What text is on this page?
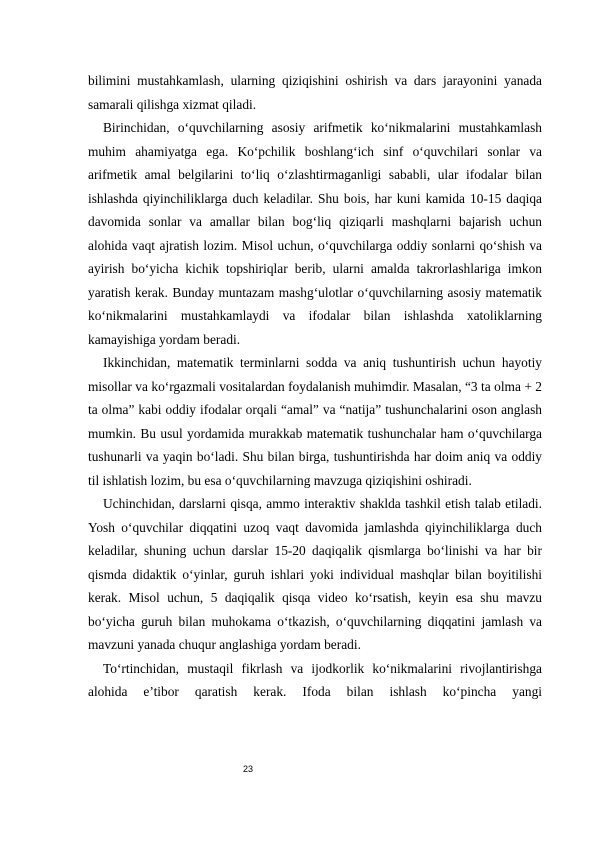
bilimini mustahkamlash, ularning qiziqishini oshirish va dars jarayonini yanada samarali qilishga xizmat qiladi.

Birinchidan, o‘quvchilarning asosiy arifmetik ko‘nikmalarini mustahkamlash muhim ahamiyatga ega. Ko‘pchilik boshlang‘ich sinf o‘quvchilari sonlar va arifmetik amal belgilarini to‘liq o‘zlashtirmaganligi sababli, ular ifodalar bilan ishlashda qiyinchiliklarga duch keladilar. Shu bois, har kuni kamida 10-15 daqiqa davomida sonlar va amallar bilan bog‘liq qiziqarli mashqlarni bajarish uchun alohida vaqt ajratish lozim. Misol uchun, o‘quvchilarga oddiy sonlarni qo‘shish va ayirish bo‘yicha kichik topshiriqlar berib, ularni amalda takrorlashlariga imkon yaratish kerak. Bunday muntazam mashg‘ulotlar o‘quvchilarning asosiy matematik ko‘nikmalarini mustahkamlaydi va ifodalar bilan ishlashda xatoliklarning kamayishiga yordam beradi.

Ikkinchidan, matematik terminlarni sodda va aniq tushuntirish uchun hayotiy misollar va ko‘rgazmali vositalardan foydalanish muhimdir. Masalan, “3 ta olma + 2 ta olma” kabi oddiy ifodalar orqali “amal” va “natija” tushunchalarini oson anglash mumkin. Bu usul yordamida murakkab matematik tushunchalar ham o‘quvchilarga tushunarli va yaqin bo‘ladi. Shu bilan birga, tushuntirishda har doim aniq va oddiy til ishlatish lozim, bu esa o‘quvchilarning mavzuga qiziqishini oshiradi.

Uchinchidan, darslarni qisqa, ammo interaktiv shaklda tashkil etish talab etiladi. Yosh o‘quvchilar diqqatini uzoq vaqt davomida jamlashda qiyinchiliklarga duch keladilar, shuning uchun darslar 15-20 daqiqalik qismlarga bo‘linishi va har bir qismda didaktik o‘yinlar, guruh ishlari yoki individual mashqlar bilan boyitilishi kerak. Misol uchun, 5 daqiqalik qisqa video ko‘rsatish, keyin esa shu mavzu bo‘yicha guruh bilan muhokama o‘tkazish, o‘quvchilarning diqqatini jamlash va mavzuni yanada chuqur anglashiga yordam beradi.

To‘rtinchidan, mustaqil fikrlash va ijodkorlik ko‘nikmalarini rivojlantirishga alohida e’tibor qaratish kerak. Ifoda bilan ishlash ko‘pincha yangi

23
